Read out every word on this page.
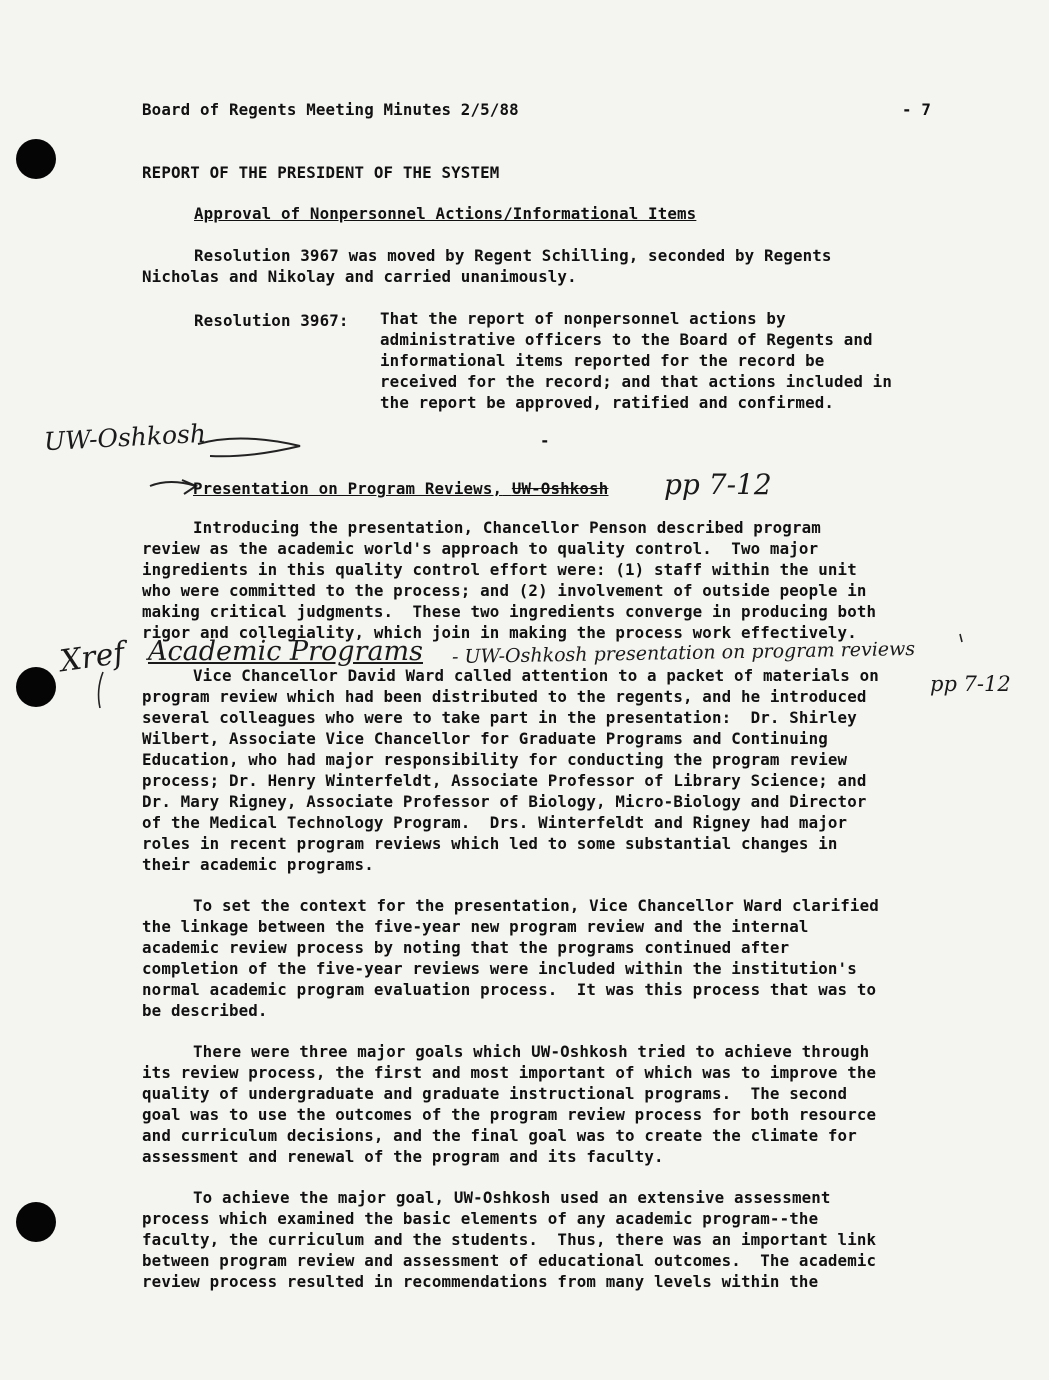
Board of Regents Meeting Minutes 2/5/88	- 7
REPORT OF THE PRESIDENT OF THE SYSTEM
Approval of Nonpersonnel Actions/Informational Items
Resolution 3967 was moved by Regent Schilling, seconded by Regents
Nicholas and Nikolay and carried unanimously.
Resolution 3967: That the report of nonpersonnel actions by
administrative officers to the Board of Regents and
informational items reported for the record be
received for the record; and that actions included in
the report be approved, ratified and confirmed.
-
UW-Oshkosh
Presentation on Program Reviews, UW-Oshkosh pp 7-12
Introducing the presentation, Chancellor Penson described program
review as the academic world's approach to quality control.  Two major
ingredients in this quality control effort were: (1) staff within the unit
who were committed to the process; and (2) involvement of outside people in
making critical judgments.  These two ingredients converge in producing both
rigor and collegiality, which join in making the process work effectively.
Xref Academic Programs - UW-Oshkosh presentation on program reviews
pp 7-12
Vice Chancellor David Ward called attention to a packet of materials on
program review which had been distributed to the regents, and he introduced
several colleagues who were to take part in the presentation:  Dr. Shirley
Wilbert, Associate Vice Chancellor for Graduate Programs and Continuing
Education, who had major responsibility for conducting the program review
process; Dr. Henry Winterfeldt, Associate Professor of Library Science; and
Dr. Mary Rigney, Associate Professor of Biology, Micro-Biology and Director
of the Medical Technology Program.  Drs. Winterfeldt and Rigney had major
roles in recent program reviews which led to some substantial changes in
their academic programs.
To set the context for the presentation, Vice Chancellor Ward clarified
the linkage between the five-year new program review and the internal
academic review process by noting that the programs continued after
completion of the five-year reviews were included within the institution's
normal academic program evaluation process.  It was this process that was to
be described.
There were three major goals which UW-Oshkosh tried to achieve through
its review process, the first and most important of which was to improve the
quality of undergraduate and graduate instructional programs.  The second
goal was to use the outcomes of the program review process for both resource
and curriculum decisions, and the final goal was to create the climate for
assessment and renewal of the program and its faculty.
To achieve the major goal, UW-Oshkosh used an extensive assessment
process which examined the basic elements of any academic program--the
faculty, the curriculum and the students.  Thus, there was an important link
between program review and assessment of educational outcomes.  The academic
review process resulted in recommendations from many levels within the
